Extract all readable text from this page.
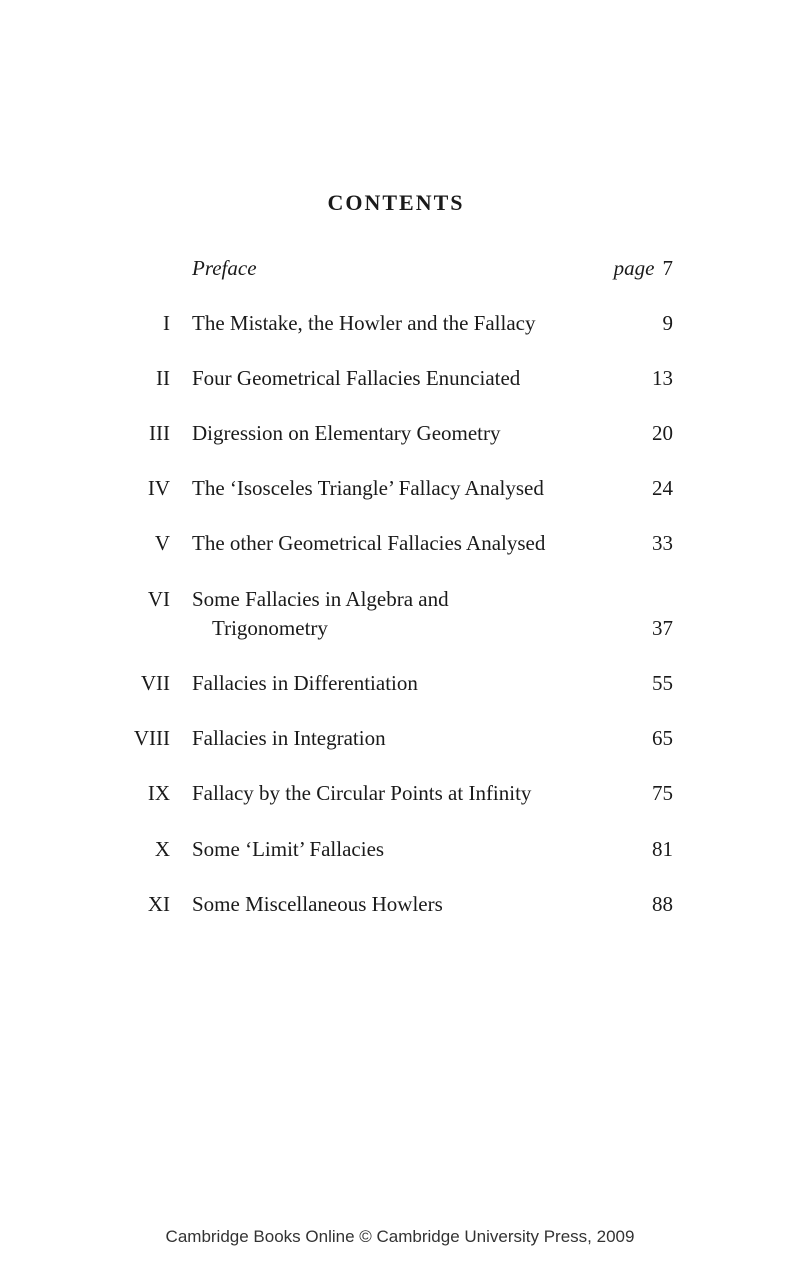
CONTENTS
Preface	page 7
I The Mistake, the Howler and the Fallacy	9
II Four Geometrical Fallacies Enunciated	13
III Digression on Elementary Geometry	20
IV The ‘Isosceles Triangle’ Fallacy Analysed	24
V The other Geometrical Fallacies Analysed	33
VI Some Fallacies in Algebra and
Trigonometry	37
VII Fallacies in Differentiation	55
VIII Fallacies in Integration	65
IX Fallacy by the Circular Points at Infinity	75
X Some ‘Limit’ Fallacies	81
XI Some Miscellaneous Howlers	88
Cambridge Books Online © Cambridge University Press, 2009
